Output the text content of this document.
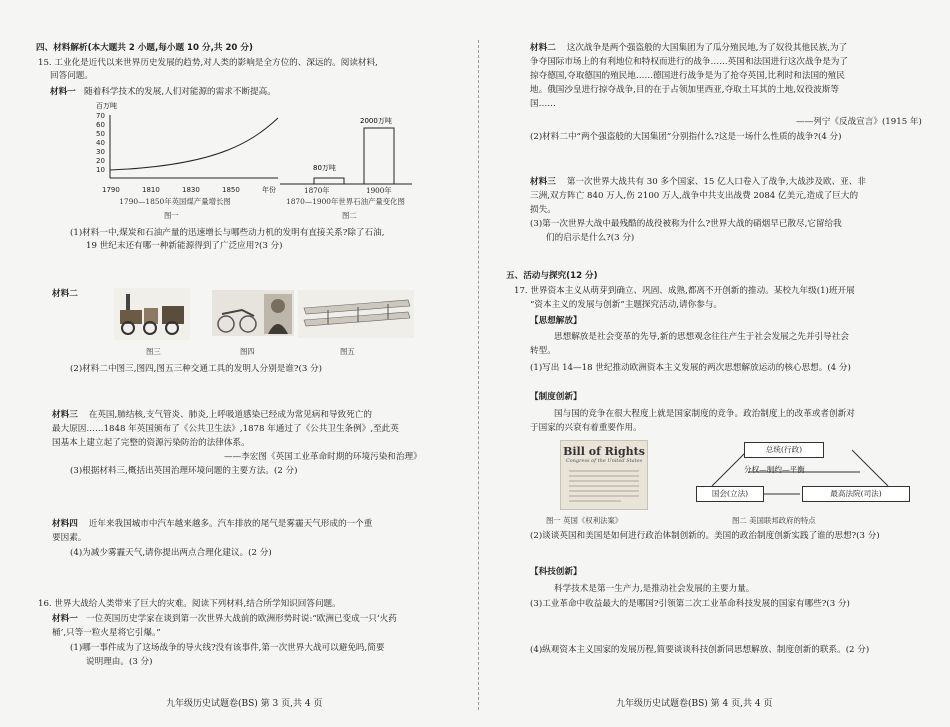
四、材料解析(本大题共 2 小题,每小题 10 分,共 20 分)
15. 工业化是近代以来世界历史发展的趋势,对人类的影响是全方位的、深远的。阅读材料,
回答问题。
材料一 随着科学技术的发展,人们对能源的需求不断提高。
百万吨
70
60
50
40
30
20
10
1790	1810	1830	1850	年份
1790—1850年英国煤产量增长图
图一
80万吨
2000万吨
1870年	1900年
1870—1900年世界石油产量变化图
图二
(1)材料一中,煤炭和石油产量的迅速增长与哪些动力机的发明有直接关系?除了石油,
19 世纪末还有哪一种新能源得到了广泛应用?(3 分)
材料二
图三	图四	图五
(2)材料二中图三,图四,图五三种交通工具的发明人分别是谁?(3 分)
材料三 在英国,肺结核,支气管炎、肺炎,上呼吸道感染已经成为常见病和导致死亡的
最大原因……1848 年英国颁布了《公共卫生法》,1878 年通过了《公共卫生条例》,至此英
国基本上建立起了完整的资源污染防治的法律体系。
——李宏图《英国工业革命时期的环境污染和治理》
(3)根据材料三,概括出英国治理环境问题的主要方法。(2 分)
材料四 近年来我国城市中汽车越来越多。汽车排放的尾气是雾霾天气形成的一个重
要因素。
(4)为减少雾霾天气,请你提出两点合理化建议。(2 分)
16. 世界大战给人类带来了巨大的灾难。阅读下列材料,结合所学知识回答问题。
材料一 一位英国历史学家在谈到第一次世界大战前的欧洲形势时说:“欧洲已变成一只‘火药
桶’,只等一粒火星将它引爆。”
(1)哪一事件成为了这场战争的导火线?没有该事件,第一次世界大战可以避免吗,简要
说明理由。(3 分)
九年级历史试题卷(BS) 第 3 页,共 4 页
材料二 这次战争是两个强盗般的大国集团为了瓜分殖民地,为了奴役其他民族,为了
争夺国际市场上的有利地位和特权而进行的战争……英国和法国进行这次战争是为了
掠夺德国,夺取德国的殖民地……德国进行战争是为了抢夺英国,比利时和法国的殖民
地。俄国沙皇进行掠夺战争,目的在于占领加里西亚,夺取土耳其的土地,奴役波斯等
国……
——列宁《反战宣言》(1915 年)
(2)材料二中“两个强盗般的大国集团”分别指什么?这是一场什么性质的战争?(4 分)
材料三 第一次世界大战共有 30 多个国家、15 亿人口卷入了战争,大战涉及欧、亚、非
三洲,双方阵亡 840 万人,伤 2100 万人,战争中共支出战费 2084 亿美元,造成了巨大的
损失。
(3)第一次世界大战中最残酷的战役被称为什么?世界大战的硝烟早已散尽,它留给我
们的启示是什么?(3 分)
五、活动与探究(12 分)
17. 世界资本主义从萌芽到确立、巩固、成熟,都离不开创新的推动。某校九年级(1)班开展
“资本主义的发展与创新”主题探究活动,请你参与。
【思想解放】
思想解放是社会变革的先导,新的思想观念往往产生于社会发展之先并引导社会
转型。
(1)写出 14—18 世纪推动欧洲资本主义发展的两次思想解放运动的核心思想。(4 分)
【制度创新】
国与国的竞争在很大程度上就是国家制度的竞争。政治制度上的改革或者创新对
于国家的兴衰有着重要作用。
Bill of Rights
Congress of the United States
总统(行政)
分权—制约—平衡
国会(立法)	最高法院(司法)
图一 英国《权利法案》	图二 美国联邦政府的特点
(2)谈谈英国和美国是如何进行政治体制创新的。美国的政治制度创新实践了谁的思想?(3 分)
【科技创新】
科学技术是第一生产力,是推动社会发展的主要力量。
(3)工业革命中收益最大的是哪国?引领第二次工业革命科技发展的国家有哪些?(3 分)
(4)纵观资本主义国家的发展历程,简要谈谈科技创新同思想解放、制度创新的联系。(2 分)
九年级历史试题卷(BS) 第 4 页,共 4 页
